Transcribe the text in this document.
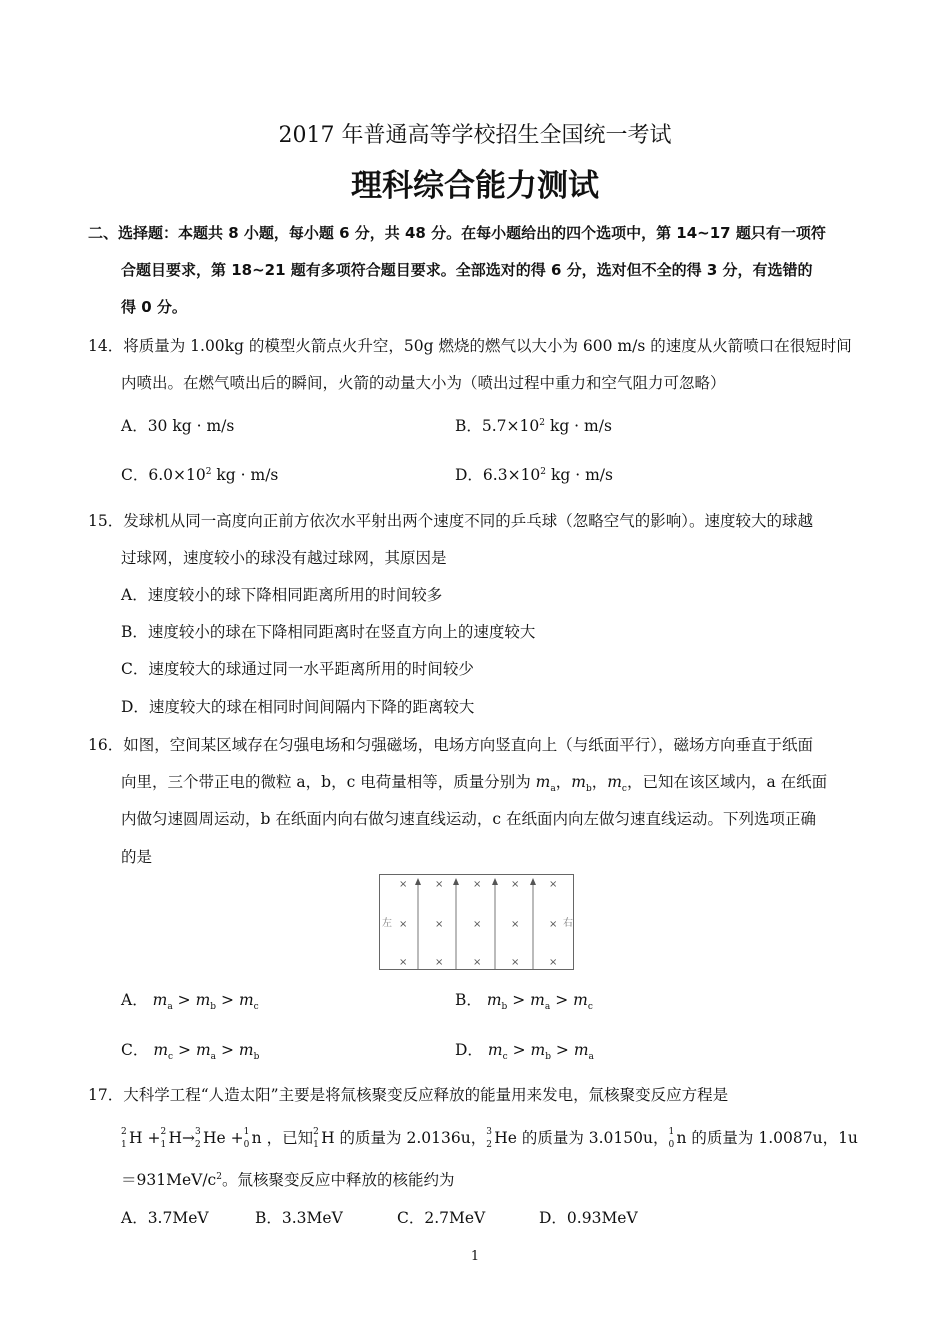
2017 年普通高等学校招生全国统一考试
理科综合能力测试
二、选择题：本题共 8 小题，每小题 6 分，共 48 分。在每小题给出的四个选项中，第 14~17 题只有一项符
合题目要求，第 18~21 题有多项符合题目要求。全部选对的得 6 分，选对但不全的得 3 分，有选错的
得 0 分。
14．将质量为 1.00kg 的模型火箭点火升空，50g 燃烧的燃气以大小为 600 m/s 的速度从火箭喷口在很短时间
内喷出。在燃气喷出后的瞬间，火箭的动量大小为（喷出过程中重力和空气阻力可忽略）
A．30 kg · m/s	B．$5.7\times 10^2$ kg · m/s
C．$6.0\times 10^2$ kg · m/s	D．$6.3\times 10^2$ kg · m/s
15．发球机从同一高度向正前方依次水平射出两个速度不同的乒乓球（忽略空气的影响）。速度较大的球越
过球网，速度较小的球没有越过球网，其原因是
A．速度较小的球下降相同距离所用的时间较多
B．速度较小的球在下降相同距离时在竖直方向上的速度较大
C．速度较大的球通过同一水平距离所用的时间较少
D．速度较大的球在相同时间间隔内下降的距离较大
16．如图，空间某区域存在匀强电场和匀强磁场，电场方向竖直向上（与纸面平行），磁场方向垂直于纸面
向里，三个带正电的微粒 a，b，c 电荷量相等，质量分别为 $m_a$，$m_b$，$m_c$，已知在该区域内，a 在纸面
内做匀速圆周运动，b 在纸面内向右做匀速直线运动，c 在纸面内向左做匀速直线运动。下列选项正确
的是
×	×	×	×	×
×	×	×	×	×
×	×	×	×	×
左	右
A． $m_a > m_b > m_c$	B． $m_b > m_a > m_c$
C． $m_c > m_a > m_b$	D． $m_c > m_b > m_a$
17．大科学工程“人造太阳”主要是将氚核聚变反应释放的能量用来发电，氚核聚变反应方程是
2
1 H + 2
1 H→ 3
2 He + 1
0 n ，已知 2
1 H 的质量为 2.0136u， 3
2 He 的质量为 3.0150u， 1
0 n 的质量为 1.0087u，1u
$=931MeV/c^2$。氚核聚变反应中释放的核能约为
A．3.7MeV	B．3.3MeV	C．2.7MeV	D．0.93MeV
1
